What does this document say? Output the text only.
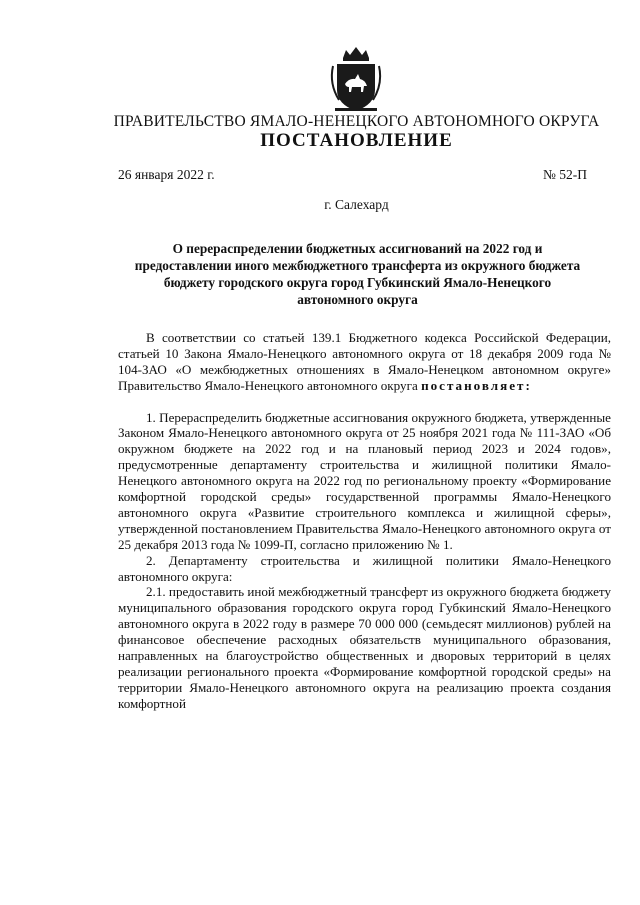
ПРАВИТЕЛЬСТВО ЯМАЛО-НЕНЕЦКОГО АВТОНОМНОГО ОКРУГА
ПОСТАНОВЛЕНИЕ
26 января 2022 г.	№ 52-П
г. Салехард
О перераспределении бюджетных ассигнований на 2022 год и
предоставлении иного межбюджетного трансферта из окружного бюджета
бюджету городского округа город Губкинский Ямало-Ненецкого
автономного округа

В соответствии со статьей 139.1 Бюджетного кодекса Российской Федерации, статьей 10 Закона Ямало-Ненецкого автономного округа от 18 декабря 2009 года № 104-ЗАО «О межбюджетных отношениях в Ямало-Ненецком автономном округе» Правительство Ямало-Ненецкого автономного округа постановляет:

1. Перераспределить бюджетные ассигнования окружного бюджета, утвержденные Законом Ямало-Ненецкого автономного округа от 25 ноября 2021 года № 111-ЗАО «Об окружном бюджете на 2022 год и на плановый период 2023 и 2024 годов», предусмотренные департаменту строительства и жилищной политики Ямало-Ненецкого автономного округа на 2022 год по региональному проекту «Формирование комфортной городской среды» государственной программы Ямало-Ненецкого автономного округа «Развитие строительного комплекса и жилищной сферы», утвержденной постановлением Правительства Ямало-Ненецкого автономного округа от 25 декабря 2013 года № 1099-П, согласно приложению № 1.

2. Департаменту строительства и жилищной политики Ямало-Ненецкого автономного округа:

2.1. предоставить иной межбюджетный трансферт из окружного бюджета бюджету муниципального образования городского округа город Губкинский Ямало-Ненецкого автономного округа в 2022 году в размере 70 000 000 (семьдесят миллионов) рублей на финансовое обеспечение расходных обязательств муниципального образования, направленных на благоустройство общественных и дворовых территорий в целях реализации регионального проекта «Формирование комфортной городской среды» на территории Ямало-Ненецкого автономного округа на реализацию проекта создания комфортной
